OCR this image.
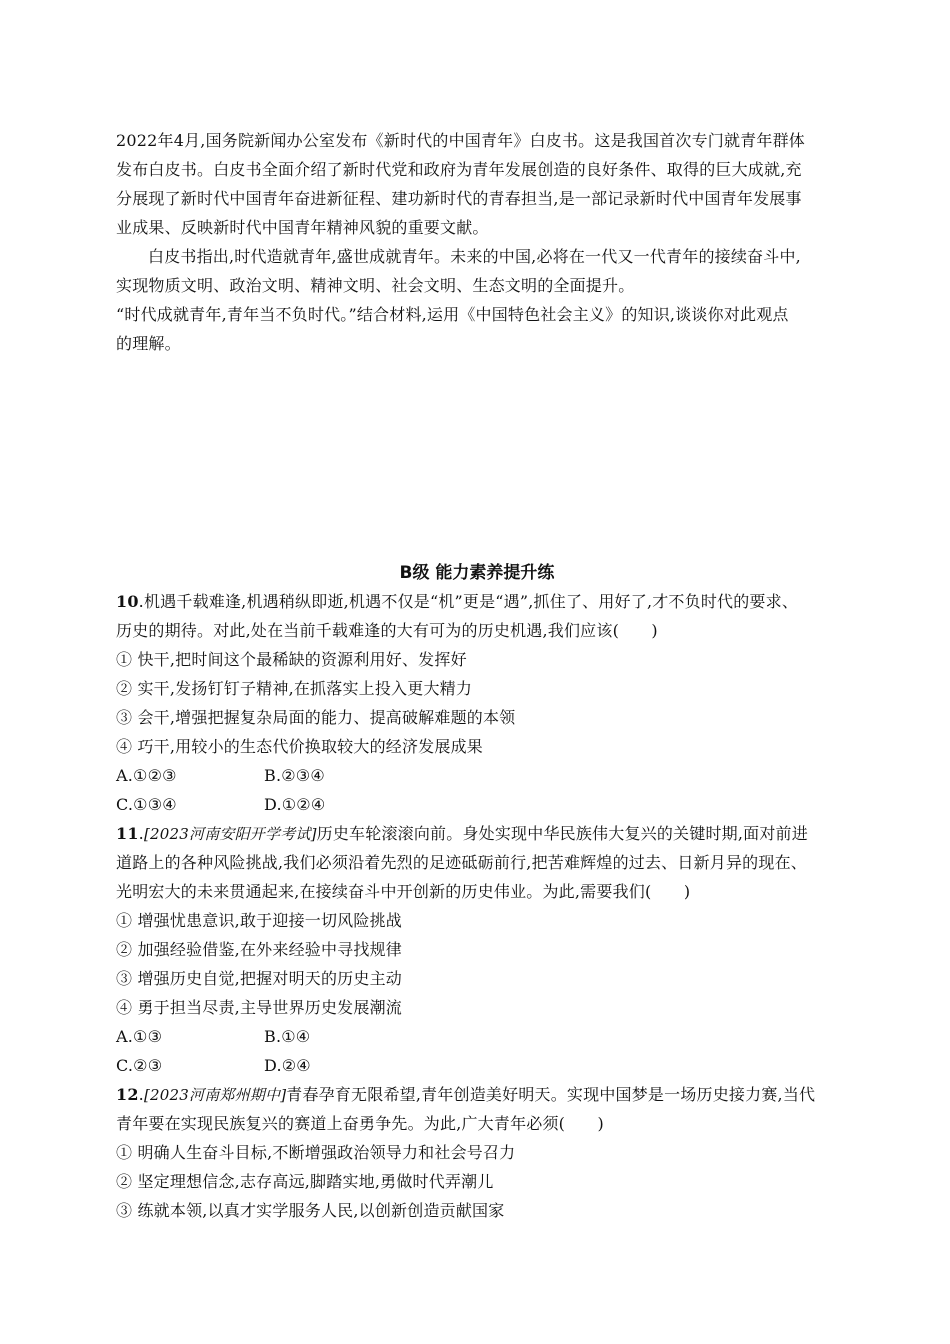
2022年4月,国务院新闻办公室发布《新时代的中国青年》白皮书。这是我国首次专门就青年群体
发布白皮书。白皮书全面介绍了新时代党和政府为青年发展创造的良好条件、取得的巨大成就,充
分展现了新时代中国青年奋进新征程、建功新时代的青春担当,是一部记录新时代中国青年发展事
业成果、反映新时代中国青年精神风貌的重要文献。
白皮书指出,时代造就青年,盛世成就青年。未来的中国,必将在一代又一代青年的接续奋斗中,
实现物质文明、政治文明、精神文明、社会文明、生态文明的全面提升。
“时代成就青年,青年当不负时代。”结合材料,运用《中国特色社会主义》的知识,谈谈你对此观点
的理解。
B级 能力素养提升练
10.机遇千载难逢,机遇稍纵即逝,机遇不仅是“机”更是“遇”,抓住了、用好了,才不负时代的要求、
历史的期待。对此,处在当前千载难逢的大有可为的历史机遇,我们应该(　　)
① 快干,把时间这个最稀缺的资源利用好、发挥好
② 实干,发扬钉钉子精神,在抓落实上投入更大精力
③ 会干,增强把握复杂局面的能力、提高破解难题的本领
④ 巧干,用较小的生态代价换取较大的经济发展成果
A.①②③	B.②③④
C.①③④	D.①②④
11.[2023河南安阳开学考试]历史车轮滚滚向前。身处实现中华民族伟大复兴的关键时期,面对前进
道路上的各种风险挑战,我们必须沿着先烈的足迹砥砺前行,把苦难辉煌的过去、日新月异的现在、
光明宏大的未来贯通起来,在接续奋斗中开创新的历史伟业。为此,需要我们(　　)
① 增强忧患意识,敢于迎接一切风险挑战
② 加强经验借鉴,在外来经验中寻找规律
③ 增强历史自觉,把握对明天的历史主动
④ 勇于担当尽责,主导世界历史发展潮流
A.①③	B.①④
C.②③	D.②④
12.[2023河南郑州期中]青春孕育无限希望,青年创造美好明天。实现中国梦是一场历史接力赛,当代
青年要在实现民族复兴的赛道上奋勇争先。为此,广大青年必须(　　)
① 明确人生奋斗目标,不断增强政治领导力和社会号召力
② 坚定理想信念,志存高远,脚踏实地,勇做时代弄潮儿
③ 练就本领,以真才实学服务人民,以创新创造贡献国家
